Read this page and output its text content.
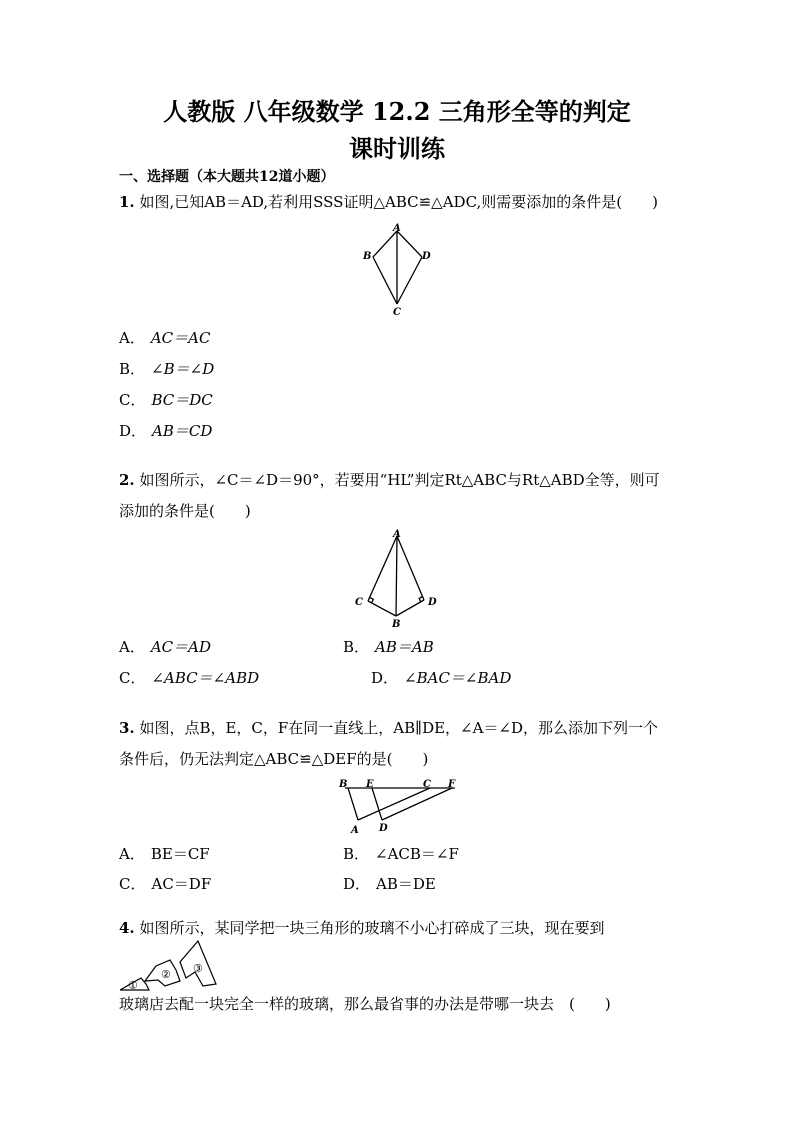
人教版 八年级数学 12.2 三角形全等的判定
课时训练
一、选择题（本大题共12道小题）
1. 如图,已知AB＝AD,若利用SSS证明△ABC≌△ADC,则需要添加的条件是(　　)
A
B
C
D
A． AC＝AC
B． ∠B＝∠D
C． BC＝DC
D． AB＝CD
2. 如图所示，∠C＝∠D＝90°，若要用“HL”判定Rt△ABC与Rt△ABD全等，则可
添加的条件是(　　)
A
C	D
B
A． AC＝AD	B． AB＝AB
C． ∠ABC＝∠ABD	D． ∠BAC＝∠BAD
3. 如图，点B，E，C，F在同一直线上，AB∥DE，∠A＝∠D，那么添加下列一个
条件后，仍无法判定△ABC≌△DEF的是(　　)
B E	C F
A D
A． BE＝CF	B． ∠ACB＝∠F
C． AC＝DF	D． AB＝DE
4. 如图所示，某同学把一块三角形的玻璃不小心打碎成了三块，现在要到
①
② ③
玻璃店去配一块完全一样的玻璃，那么最省事的办法是带哪一块去　(　　)
